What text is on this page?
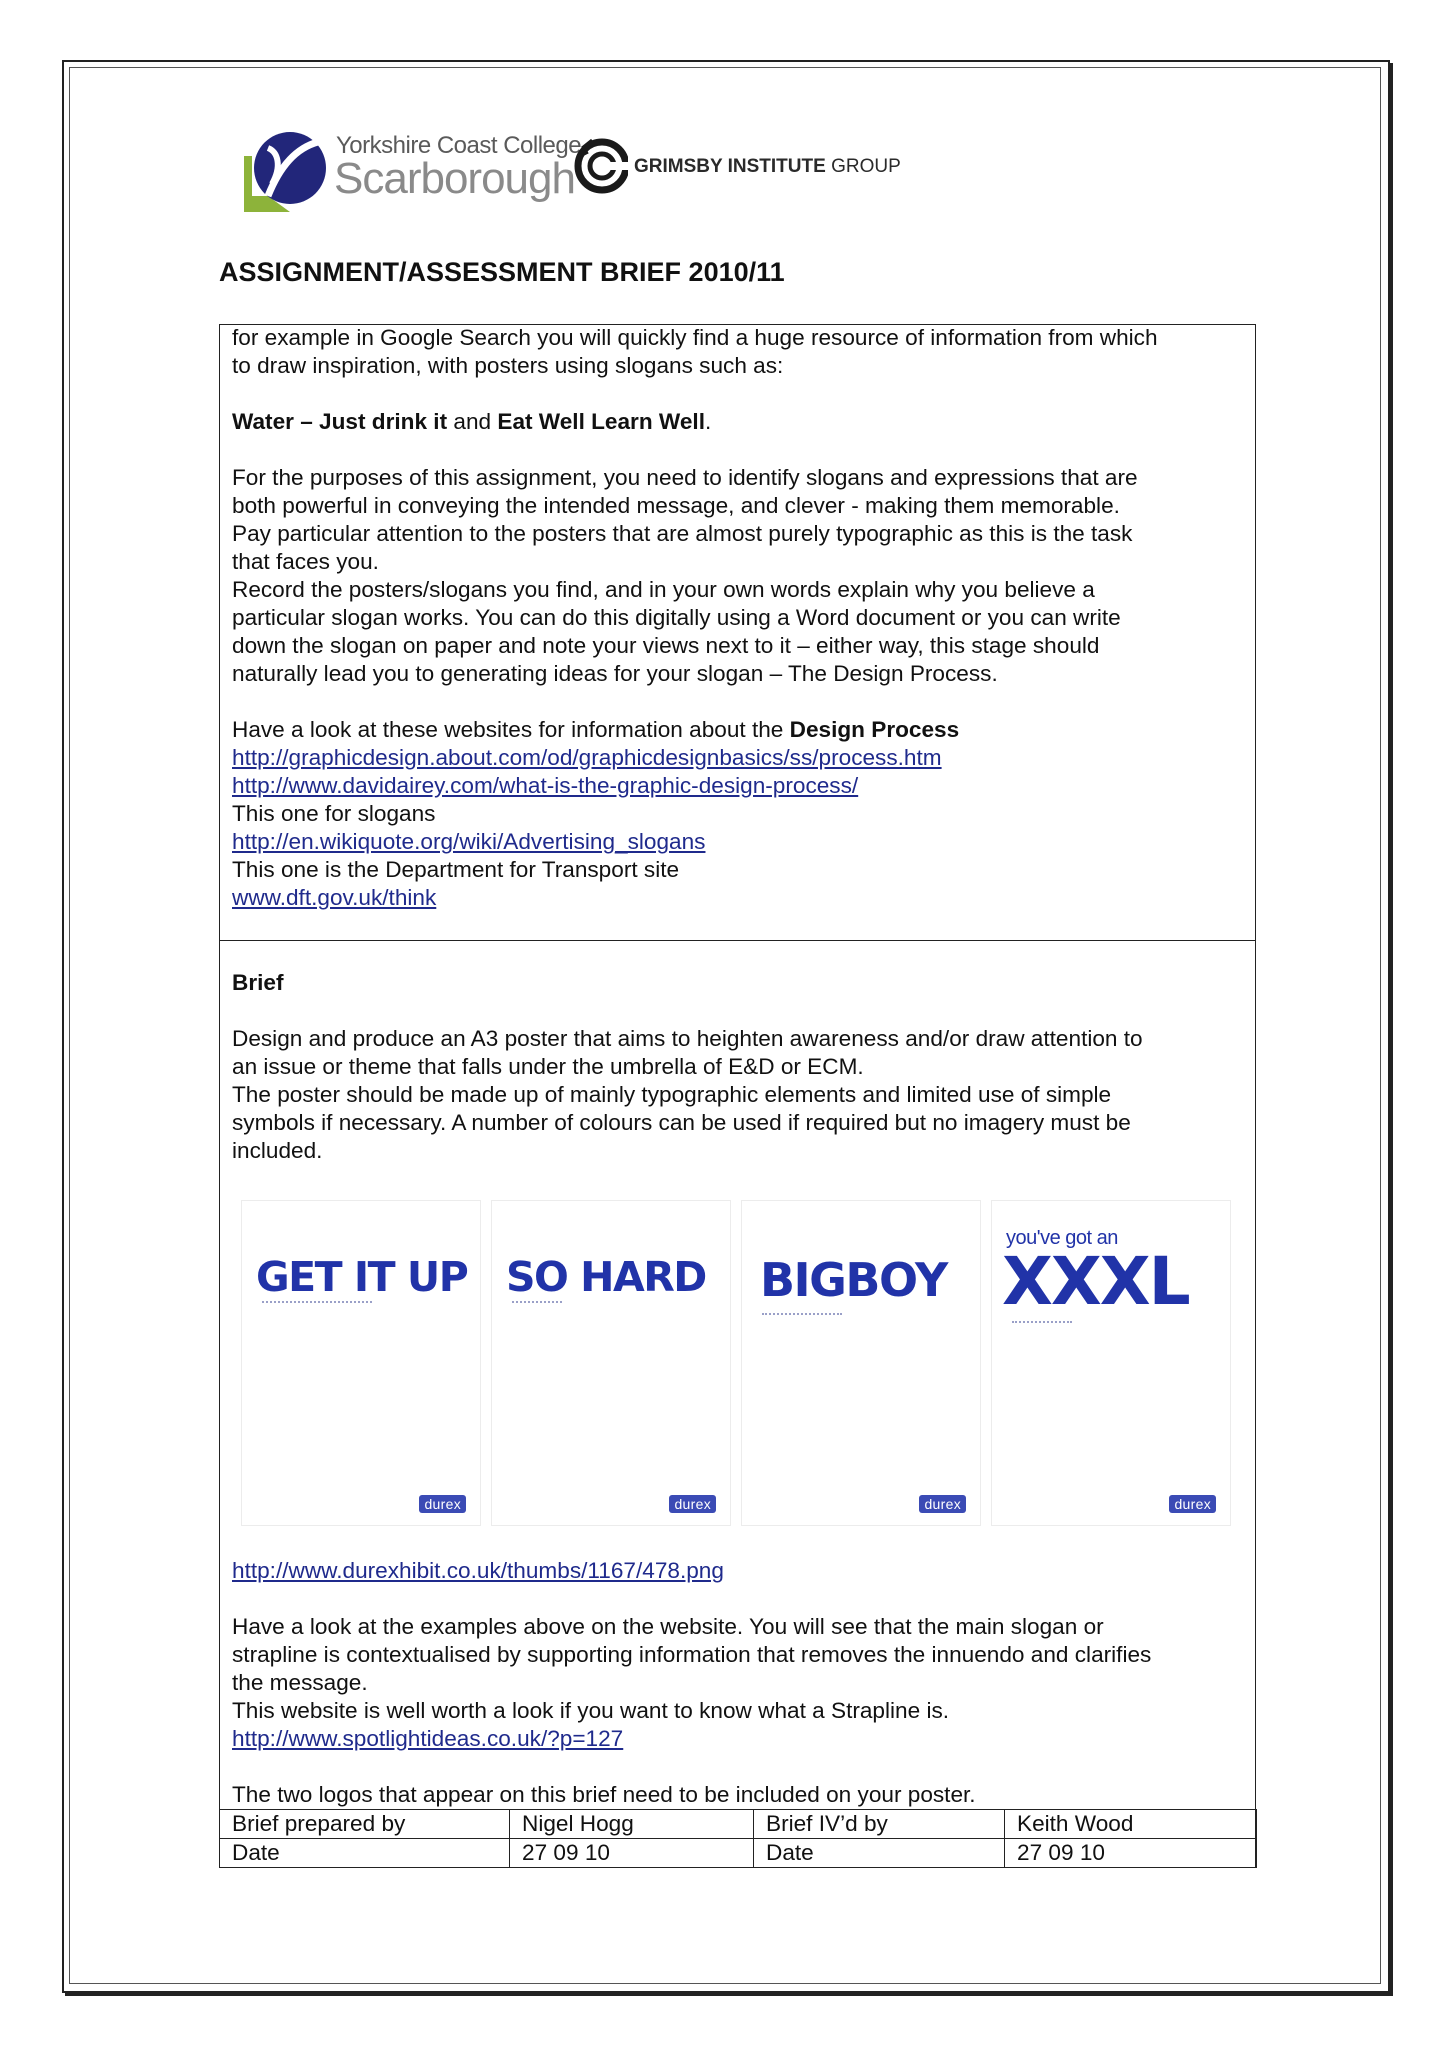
Yorkshire Coast College
Scarborough	GRIMSBY INSTITUTE GROUP
ASSIGNMENT/ASSESSMENT BRIEF 2010/11
for example in Google Search you will quickly find a huge resource of information from which
to draw inspiration, with posters using slogans such as:
Water – Just drink it and Eat Well Learn Well.
For the purposes of this assignment, you need to identify slogans and expressions that are
both powerful in conveying the intended message, and clever - making them memorable.
Pay particular attention to the posters that are almost purely typographic as this is the task
that faces you.
Record the posters/slogans you find, and in your own words explain why you believe a
particular slogan works. You can do this digitally using a Word document or you can write
down the slogan on paper and note your views next to it – either way, this stage should
naturally lead you to generating ideas for your slogan – The Design Process.
Have a look at these websites for information about the Design Process
http://graphicdesign.about.com/od/graphicdesignbasics/ss/process.htm
http://www.davidairey.com/what-is-the-graphic-design-process/
This one for slogans
http://en.wikiquote.org/wiki/Advertising_slogans
This one is the Department for Transport site
www.dft.gov.uk/think
Brief
Design and produce an A3 poster that aims to heighten awareness and/or draw attention to
an issue or theme that falls under the umbrella of E&D or ECM.
The poster should be made up of mainly typographic elements and limited use of simple
symbols if necessary. A number of colours can be used if required but no imagery must be
included.
GET IT UP
durex
SO HARD
durex
BIGBOY
durex
you've got an
XXXL
durex
http://www.durexhibit.co.uk/thumbs/1167/478.png
Have a look at the examples above on the website. You will see that the main slogan or
strapline is contextualised by supporting information that removes the innuendo and clarifies
the message.
This website is well worth a look if you want to know what a Strapline is.
http://www.spotlightideas.co.uk/?p=127
The two logos that appear on this brief need to be included on your poster.
Brief prepared by	Nigel Hogg	Brief IV’d by	Keith Wood
Date	27 09 10	Date	27 09 10
